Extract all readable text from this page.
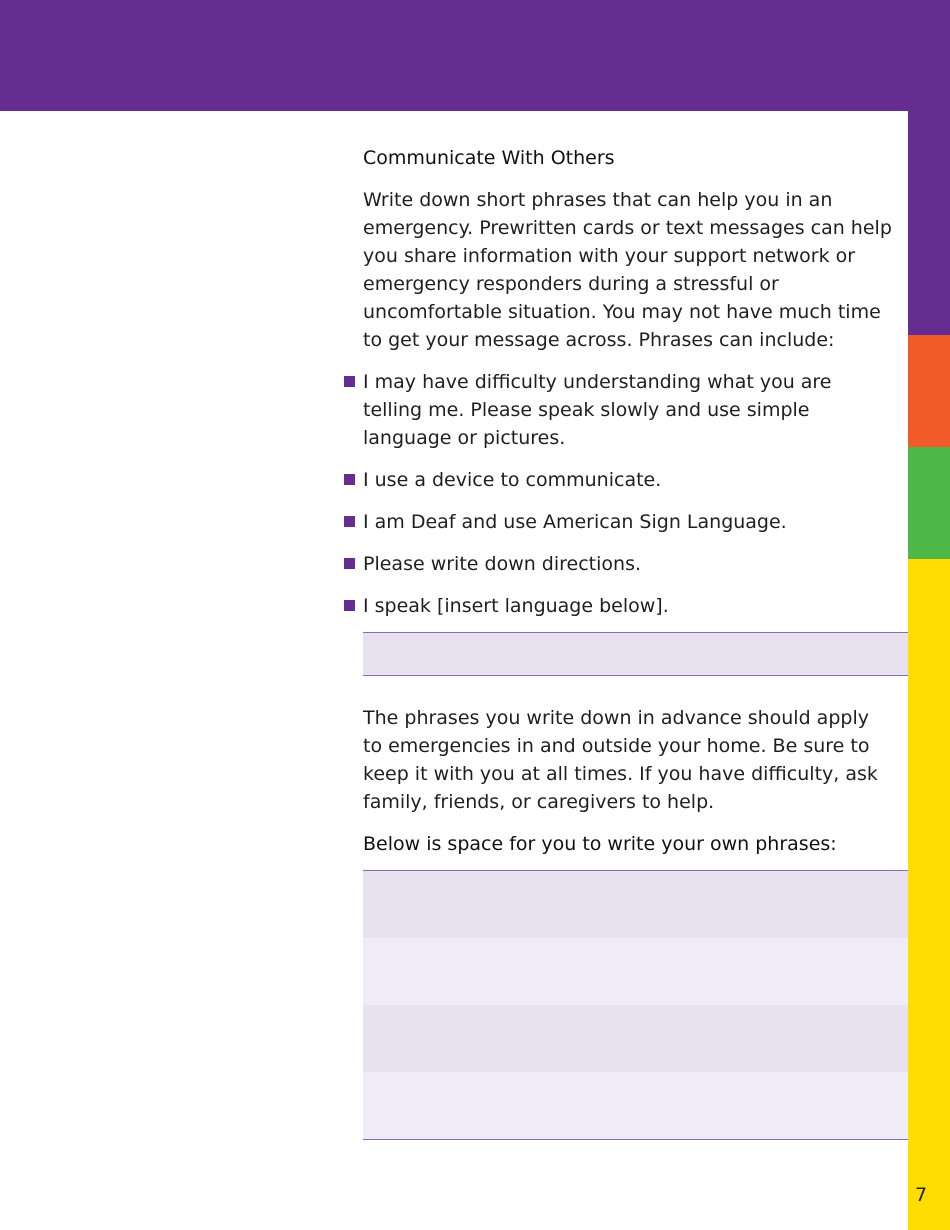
7
Communicate With Others

Write down short phrases that can help you in an emergency. Prewritten cards or text messages can help you share information with your support network or emergency responders during a stressful or uncomfortable situation. You may not have much time to get your message across. Phrases can include:

I may have difficulty understanding what you are telling me. Please speak slowly and use simple language or pictures.
I use a device to communicate.
I am Deaf and use American Sign Language.
Please write down directions.
I speak [insert language below].

The phrases you write down in advance should apply to emergencies in and outside your home. Be sure to keep it with you at all times. If you have difficulty, ask family, friends, or caregivers to help.

Below is space for you to write your own phrases:
